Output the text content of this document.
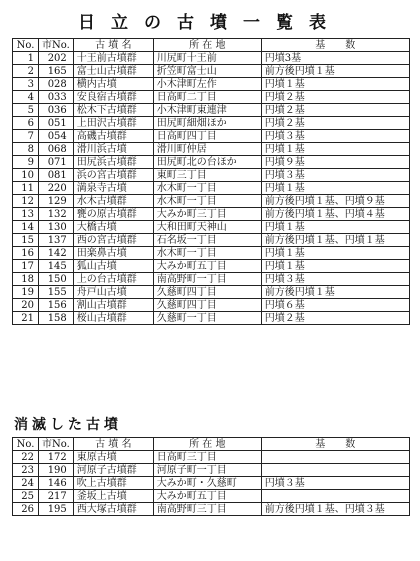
日立の古墳一覧表
No.	市No.	古 墳 名	所 在 地	基　　数
1	202	十王前古墳群	川尻町十王前	円墳3基
2	165	富士山古墳群	折笠町富士山	前方後円墳１基
3	028	横内古墳	小木津町左作	円墳１基
4	033	安良宿古墳群	日高町二丁目	円墳２基
5	036	松木下古墳群	小木津町東連津	円墳２基
6	051	上田沢古墳群	田尻町細畑ほか	円墳２基
7	054	高磯古墳群	日高町四丁目	円墳３基
8	068	滑川浜古墳	滑川町仲居	円墳１基
9	071	田尻浜古墳群	田尻町北の台ほか	円墳９基
10	081	浜の宮古墳群	東町三丁目	円墳３基
11	220	満泉寺古墳	水木町一丁目	円墳１基
12	129	水木古墳群	水木町一丁目	前方後円墳１基、円墳９基
13	132	甕の原古墳群	大みか町三丁目	前方後円墳１基、円墳４基
14	130	大橋古墳	大和田町天神山	円墳１基
15	137	西の宮古墳群	石名坂一丁目	前方後円墳１基、円墳１基
16	142	田楽鼻古墳	水木町一丁目	円墳１基
17	145	狐山古墳	大みか町五丁目	円墳１基
18	150	上の台古墳群	南高野町一丁目	円墳３基
19	155	舟戸山古墳	久慈町四丁目	前方後円墳１基
20	156	割山古墳群	久慈町四丁目	円墳６基
21	158	桜山古墳群	久慈町一丁目	円墳２基
消滅した古墳
No.	市No.	古 墳 名	所 在 地	基　　数
22	172	東原古墳	日高町三丁目	
23	190	河原子古墳群	河原子町一丁目	
24	146	吹上古墳群	大みか町・久慈町	円墳３基
25	217	釜坂上古墳	大みか町五丁目	
26	195	西大塚古墳群	南高野町三丁目	前方後円墳１基、円墳３基
